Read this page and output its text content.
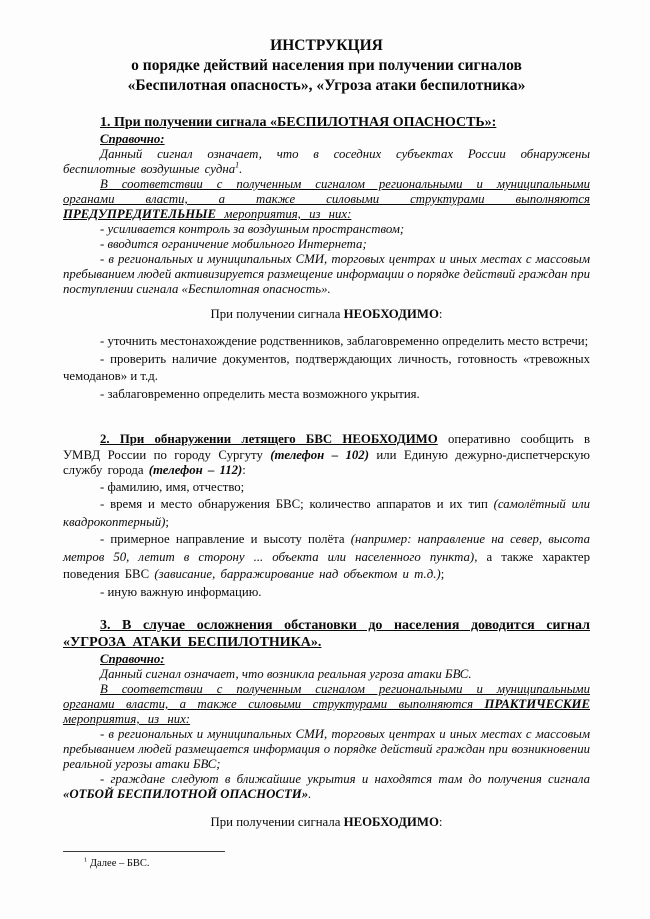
ИНСТРУКЦИЯ

о порядке действий населения при получении сигналов

«Беспилотная опасность», «Угроза атаки беспилотника»

1. При получении сигнала «БЕСПИЛОТНАЯ ОПАСНОСТЬ»:

Справочно:

Данный сигнал означает, что в соседних субъектах России обнаружены беспилотные воздушные судна$^1$.

В соответствии с полученным сигналом региональными и муниципальными органами власти, а также силовыми структурами выполняются ПРЕДУПРЕДИТЕЛЬНЫЕ мероприятия, из них:

- усиливается контроль за воздушным пространством;

- вводится ограничение мобильного Интернета;

- в региональных и муниципальных СМИ, торговых центрах и иных местах с массовым пребыванием людей активизируется размещение информации о порядке действий граждан при поступлении сигнала «Беспилотная опасность».

При получении сигнала НЕОБХОДИМО:

- уточнить местонахождение родственников, заблаговременно определить место встречи;

- проверить наличие документов, подтверждающих личность, готовность «тревожных чемоданов» и т.д.

- заблаговременно определить места возможного укрытия.

2. При обнаружении летящего БВС НЕОБХОДИМО оперативно сообщить в УМВД России по городу Сургуту (телефон – 102) или Единую дежурно-диспетчерскую службу города (телефон – 112):

- фамилию, имя, отчество;

- время и место обнаружения БВС; количество аппаратов и их тип (самолётный или квадрокоптерный);

- примерное направление и высоту полёта (например: направление на север, высота метров 50, летит в сторону ... объекта или населенного пункта), а также характер поведения БВС (зависание, барражирование над объектом и т.д.);

- иную важную информацию.

3. В случае осложнения обстановки до населения доводится сигнал «УГРОЗА АТАКИ БЕСПИЛОТНИКА».

Справочно:

Данный сигнал означает, что возникла реальная угроза атаки БВС.

В соответствии с полученным сигналом региональными и муниципальными органами власти, а также силовыми структурами выполняются ПРАКТИЧЕСКИЕ мероприятия, из них:

- в региональных и муниципальных СМИ, торговых центрах и иных местах с массовым пребыванием людей размещается информация о порядке действий граждан при возникновении реальной угрозы атаки БВС;

- граждане следуют в ближайшие укрытия и находятся там до получения сигнала «ОТБОЙ БЕСПИЛОТНОЙ ОПАСНОСТИ».

При получении сигнала НЕОБХОДИМО:

$^1$ Далее – БВС.
